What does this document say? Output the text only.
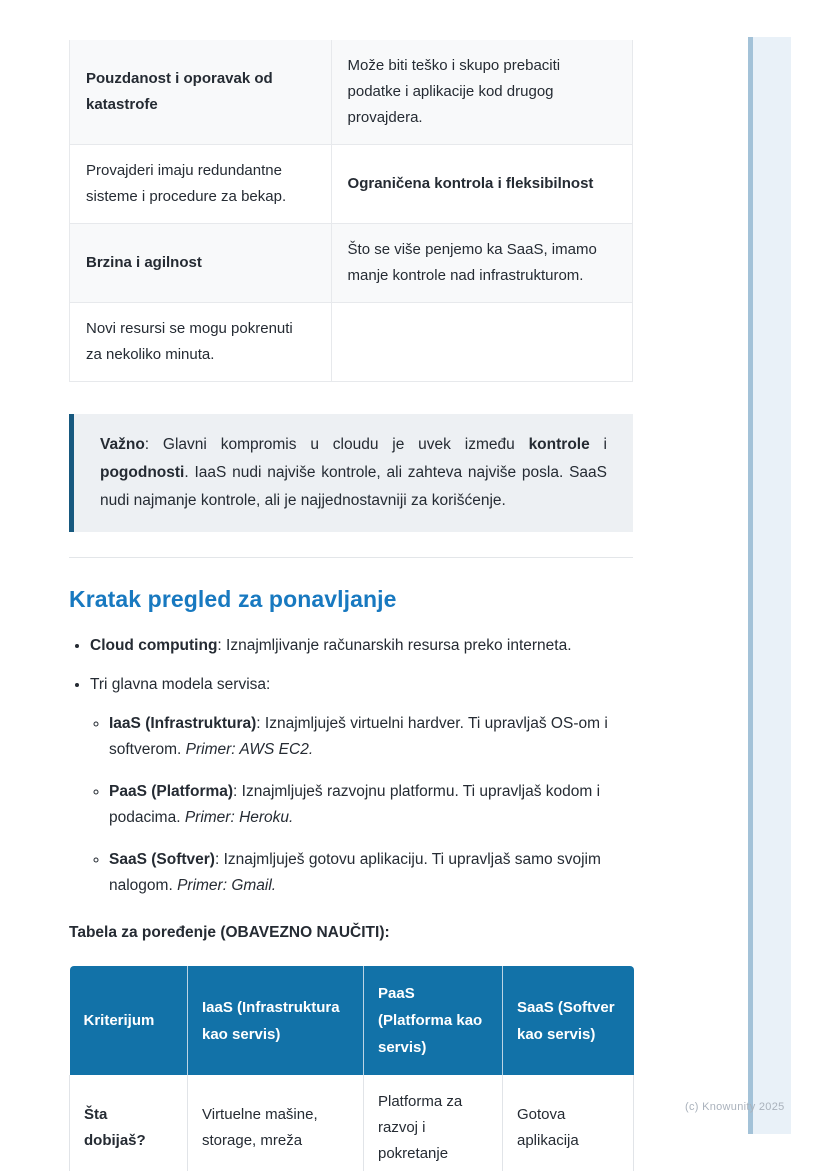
Pouzdanost i oporavak od katastrofe	Može biti teško i skupo prebaciti podatke i aplikacije kod drugog provajdera.
Provajderi imaju redundantne sisteme i procedure za bekap.	Ograničena kontrola i fleksibilnost
Brzina i agilnost	Što se više penjemo ka SaaS, imamo manje kontrole nad infrastrukturom.
Novi resursi se mogu pokrenuti za nekoliko minuta.	
Važno: Glavni kompromis u cloudu je uvek između kontrole i pogodnosti. IaaS nudi najviše kontrole, ali zahteva najviše posla. SaaS nudi najmanje kontrole, ali je najjednostavniji za korišćenje.
Kratak pregled za ponavljanje
• Cloud computing: Iznajmljivanje računarskih resursa preko interneta.
• Tri glavna modela servisa:
◦ IaaS (Infrastruktura): Iznajmljuješ virtuelni hardver. Ti upravljaš OS-om i softverom. Primer: AWS EC2.
◦ PaaS (Platforma): Iznajmljuješ razvojnu platformu. Ti upravljaš kodom i podacima. Primer: Heroku.
◦ SaaS (Softver): Iznajmljuješ gotovu aplikaciju. Ti upravljaš samo svojim nalogom. Primer: Gmail.
Tabela za poređenje (OBAVEZNO NAUČITI):
Kriterijum	IaaS (Infrastruktura kao servis)	PaaS (Platforma kao servis)	SaaS (Softver kao servis)
Šta dobijaš?	Virtuelne mašine, storage, mreža	Platforma za razvoj i pokretanje	Gotova aplikacija

(c) Knowunity 2025
